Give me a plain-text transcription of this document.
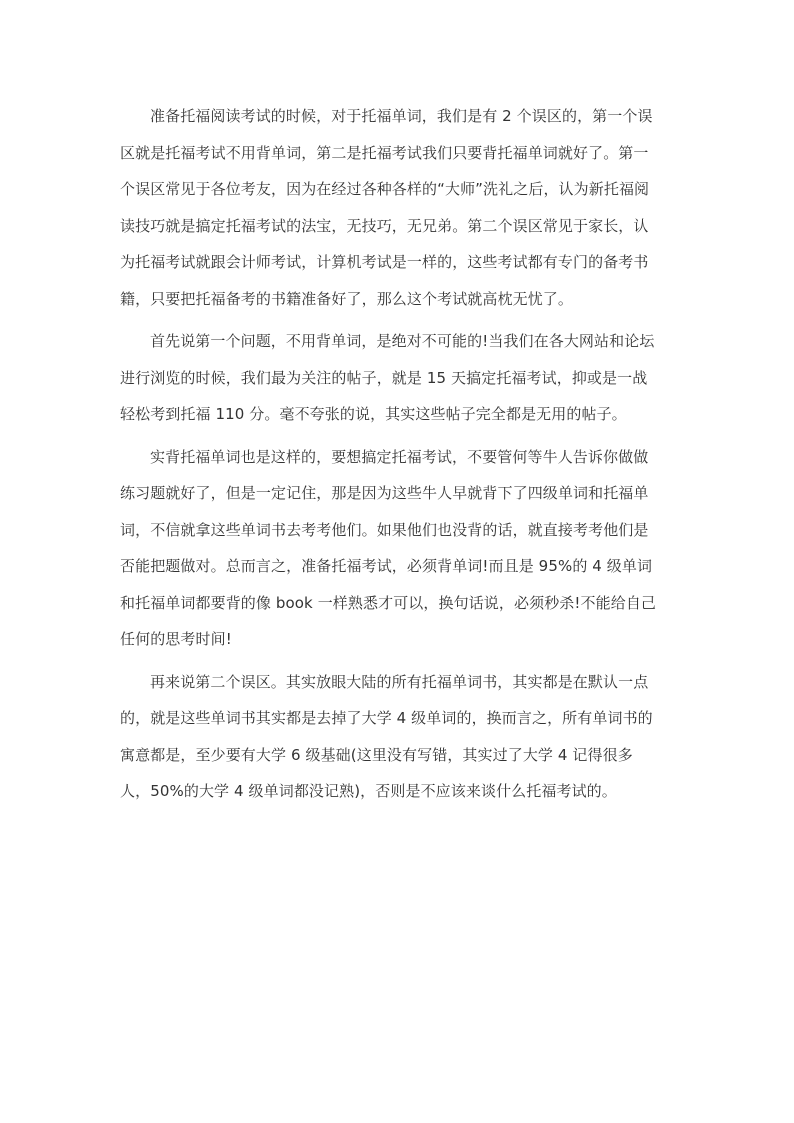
准备托福阅读考试的时候，对于托福单词，我们是有 2 个误区的，第一个误区就是托福考试不用背单词，第二是托福考试我们只要背托福单词就好了。第一个误区常见于各位考友，因为在经过各种各样的“大师”洗礼之后，认为新托福阅读技巧就是搞定托福考试的法宝，无技巧，无兄弟。第二个误区常见于家长，认为托福考试就跟会计师考试，计算机考试是一样的，这些考试都有专门的备考书籍，只要把托福备考的书籍准备好了，那么这个考试就高枕无忧了。

首先说第一个问题，不用背单词，是绝对不可能的!当我们在各大网站和论坛进行浏览的时候，我们最为关注的帖子，就是 15 天搞定托福考试，抑或是一战轻松考到托福 110 分。毫不夸张的说，其实这些帖子完全都是无用的帖子。

实背托福单词也是这样的，要想搞定托福考试，不要管何等牛人告诉你做做练习题就好了，但是一定记住，那是因为这些牛人早就背下了四级单词和托福单词，不信就拿这些单词书去考考他们。如果他们也没背的话，就直接考考他们是否能把题做对。总而言之，准备托福考试，必须背单词!而且是 95%的 4 级单词和托福单词都要背的像 book 一样熟悉才可以，换句话说，必须秒杀!不能给自己任何的思考时间!

再来说第二个误区。其实放眼大陆的所有托福单词书，其实都是在默认一点的，就是这些单词书其实都是去掉了大学 4 级单词的，换而言之，所有单词书的寓意都是，至少要有大学 6 级基础(这里没有写错，其实过了大学 4 记得很多人，50%的大学 4 级单词都没记熟)，否则是不应该来谈什么托福考试的。
